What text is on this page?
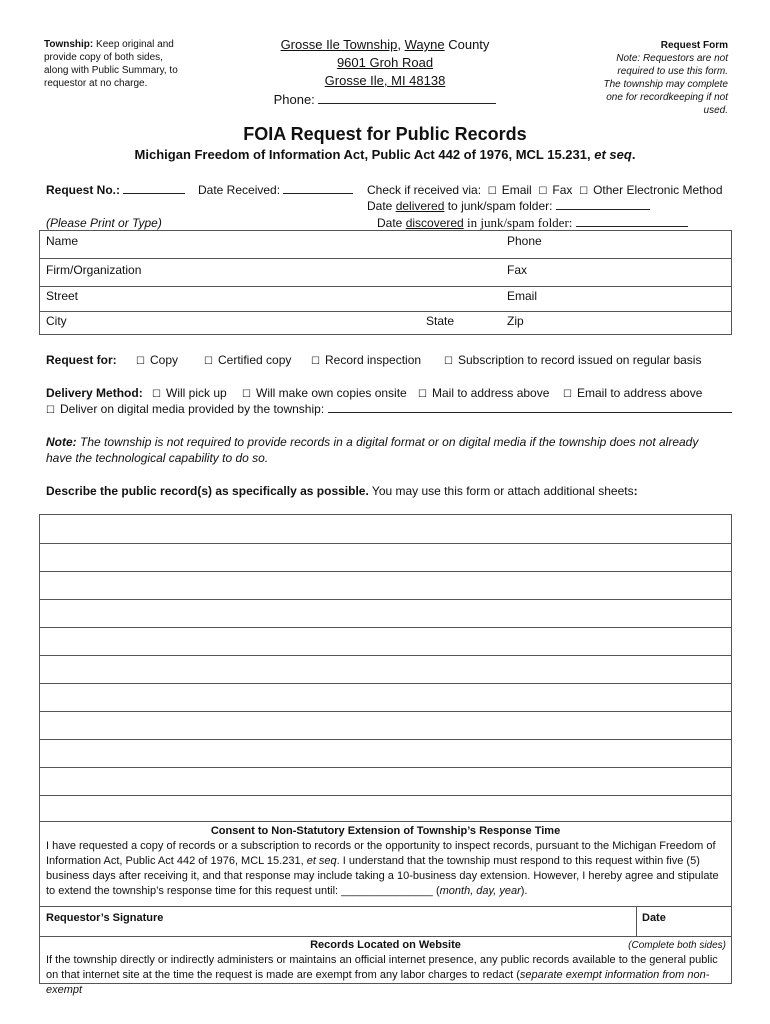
Township: Keep original and provide copy of both sides, along with Public Summary, to requestor at no charge.
Grosse Ile Township, Wayne County
9601 Groh Road
Grosse Ile, MI 48138
Phone:
Request Form
Note: Requestors are not required to use this form. The township may complete one for recordkeeping if not used.
FOIA Request for Public Records
Michigan Freedom of Information Act, Public Act 442 of 1976, MCL 15.231, et seq.
Request No.:	Date Received:	Check if received via: ☐ Email ☐ Fax ☐ Other Electronic Method
Date delivered to junk/spam folder:
(Please Print or Type)	Date discovered in junk/spam folder:
Name	Phone
Firm/Organization	Fax
Street	Email
City	State	Zip
Request for: ☐ Copy	☐ Certified copy ☐ Record inspection ☐ Subscription to record issued on regular basis
Delivery Method: ☐ Will pick up ☐ Will make own copies onsite ☐ Mail to address above ☐ Email to address above
☐ Deliver on digital media provided by the township:
Note: The township is not required to provide records in a digital format or on digital media if the township does not already have the technological capability to do so.
Describe the public record(s) as specifically as possible. You may use this form or attach additional sheets:
Consent to Non-Statutory Extension of Township’s Response Time
I have requested a copy of records or a subscription to records or the opportunity to inspect records, pursuant to the Michigan Freedom of Information Act, Public Act 442 of 1976, MCL 15.231, et seq. I understand that the township must respond to this request within five (5) business days after receiving it, and that response may include taking a 10-business day extension. However, I hereby agree and stipulate to extend the township’s response time for this request until: _______________ (month, day, year).
Requestor’s Signature	Date
Records Located on Website	(Complete both sides)
If the township directly or indirectly administers or maintains an official internet presence, any public records available to the general public on that internet site at the time the request is made are exempt from any labor charges to redact (separate exempt information from non-exempt
